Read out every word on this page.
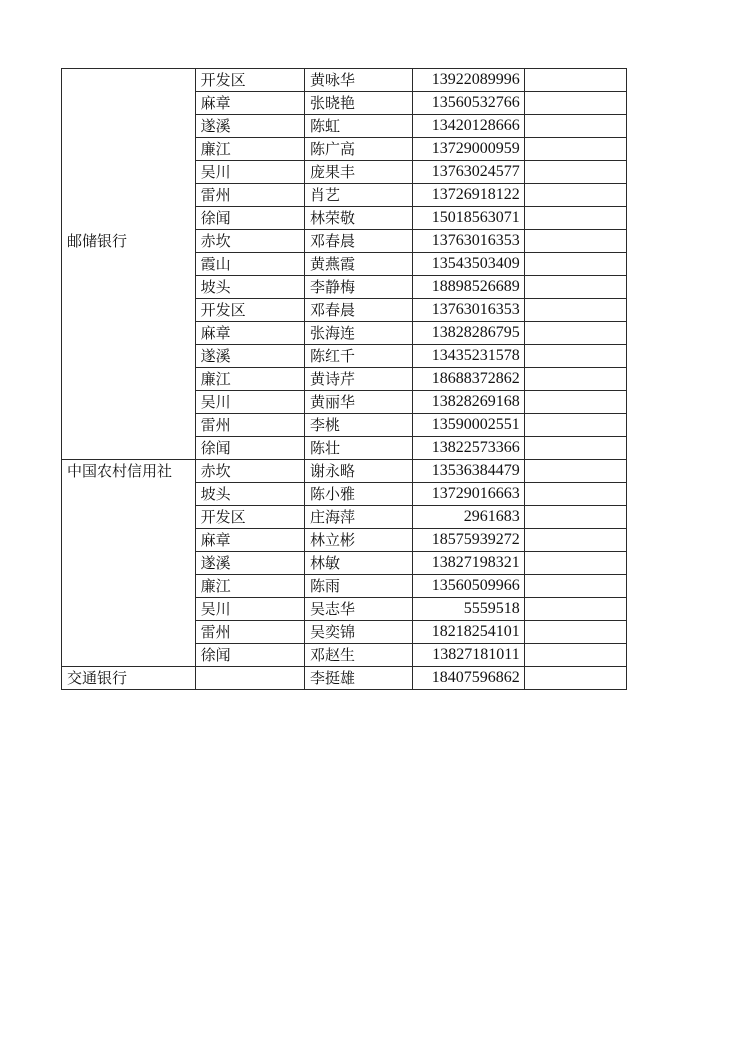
	开发区	黄咏华	13922089996	
	麻章	张晓艳	13560532766	
	遂溪	陈虹	13420128666	
	廉江	陈广高	13729000959	
	吴川	庞果丰	13763024577	
	雷州	肖艺	13726918122	
	徐闻	林荣敬	15018563071	
邮储银行	赤坎	邓春晨	13763016353	
	霞山	黄燕霞	13543503409	
	坡头	李静梅	18898526689	
	开发区	邓春晨	13763016353	
	麻章	张海连	13828286795	
	遂溪	陈红千	13435231578	
	廉江	黄诗芹	18688372862	
	吴川	黄丽华	13828269168	
	雷州	李桃	13590002551	
	徐闻	陈壮	13822573366	
中国农村信用社	赤坎	谢永略	13536384479	
	坡头	陈小雅	13729016663	
	开发区	庄海萍	2961683	
	麻章	林立彬	18575939272	
	遂溪	林敏	13827198321	
	廉江	陈雨	13560509966	
	吴川	吴志华	5559518	
	雷州	吴奕锦	18218254101	
	徐闻	邓赵生	13827181011	
交通银行		李挺雄	18407596862	
